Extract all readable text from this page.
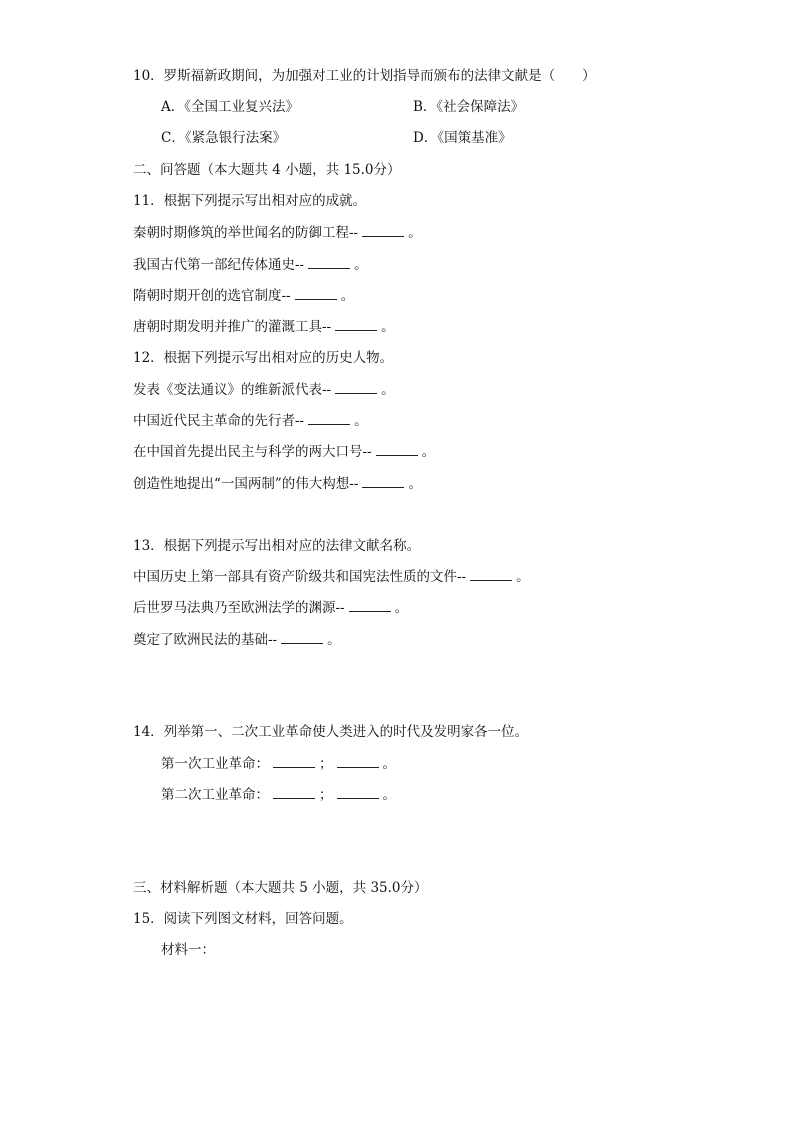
10．罗斯福新政期间，为加强对工业的计划指导而颁布的法律文献是（　　）
A．《全国工业复兴法》	B．《社会保障法》
C．《紧急银行法案》	D．《国策基准》
二、问答题（本大题共 4 小题，共 15.0分）
11．根据下列提示写出相对应的成就。
秦朝时期修筑的举世闻名的防御工程--	。
我国古代第一部纪传体通史--	。
隋朝时期开创的选官制度--	。
唐朝时期发明并推广的灌溉工具--	。
12．根据下列提示写出相对应的历史人物。
发表《变法通议》的维新派代表--	。
中国近代民主革命的先行者--	。
在中国首先提出民主与科学的两大口号--	。
创造性地提出“一国两制”的伟大构想--	。
13．根据下列提示写出相对应的法律文献名称。
中国历史上第一部具有资产阶级共和国宪法性质的文件--	。
后世罗马法典乃至欧洲法学的渊源--	。
奠定了欧洲民法的基础--	。
14．列举第一、二次工业革命使人类进入的时代及发明家各一位。
第一次工业革命：	；	。
第二次工业革命：	；	。
三、材料解析题（本大题共 5 小题，共 35.0分）
15．阅读下列图文材料，回答问题。
材料一：
